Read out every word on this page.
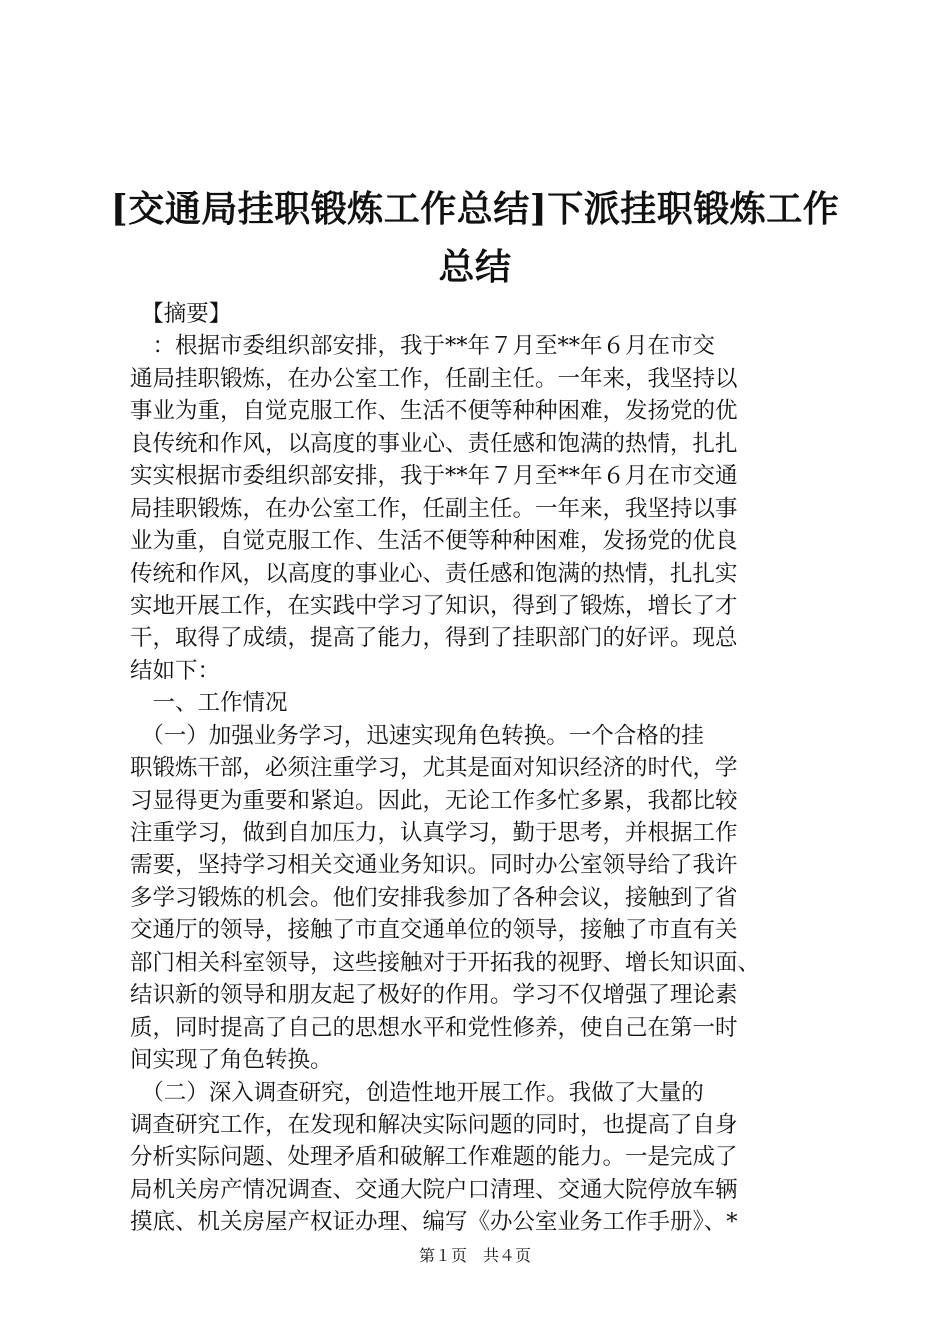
[交通局挂职锻炼工作总结]下派挂职锻炼工作
总结
　【摘要】
　：根据市委组织部安排，我于**年７月至**年６月在市交
通局挂职锻炼，在办公室工作，任副主任。一年来，我坚持以
事业为重，自觉克服工作、生活不便等种种困难，发扬党的优
良传统和作风，以高度的事业心、责任感和饱满的热情，扎扎
实实根据市委组织部安排，我于**年７月至**年６月在市交通
局挂职锻炼，在办公室工作，任副主任。一年来，我坚持以事
业为重，自觉克服工作、生活不便等种种困难，发扬党的优良
传统和作风，以高度的事业心、责任感和饱满的热情，扎扎实
实地开展工作，在实践中学习了知识，得到了锻炼，增长了才
干，取得了成绩，提高了能力，得到了挂职部门的好评。现总
结如下：
　一、工作情况
　（一）加强业务学习，迅速实现角色转换。一个合格的挂
职锻炼干部，必须注重学习，尤其是面对知识经济的时代，学
习显得更为重要和紧迫。因此，无论工作多忙多累，我都比较
注重学习，做到自加压力，认真学习，勤于思考，并根据工作
需要，坚持学习相关交通业务知识。同时办公室领导给了我许
多学习锻炼的机会。他们安排我参加了各种会议，接触到了省
交通厅的领导，接触了市直交通单位的领导，接触了市直有关
部门相关科室领导，这些接触对于开拓我的视野、增长知识面、
结识新的领导和朋友起了极好的作用。学习不仅增强了理论素
质，同时提高了自己的思想水平和党性修养，使自己在第一时
间实现了角色转换。
　（二）深入调查研究，创造性地开展工作。我做了大量的
调查研究工作，在发现和解决实际问题的同时，也提高了自身
分析实际问题、处理矛盾和破解工作难题的能力。一是完成了
局机关房产情况调查、交通大院户口清理、交通大院停放车辆
摸底、机关房屋产权证办理、编写《办公室业务工作手册》、*
第１页　共４页
